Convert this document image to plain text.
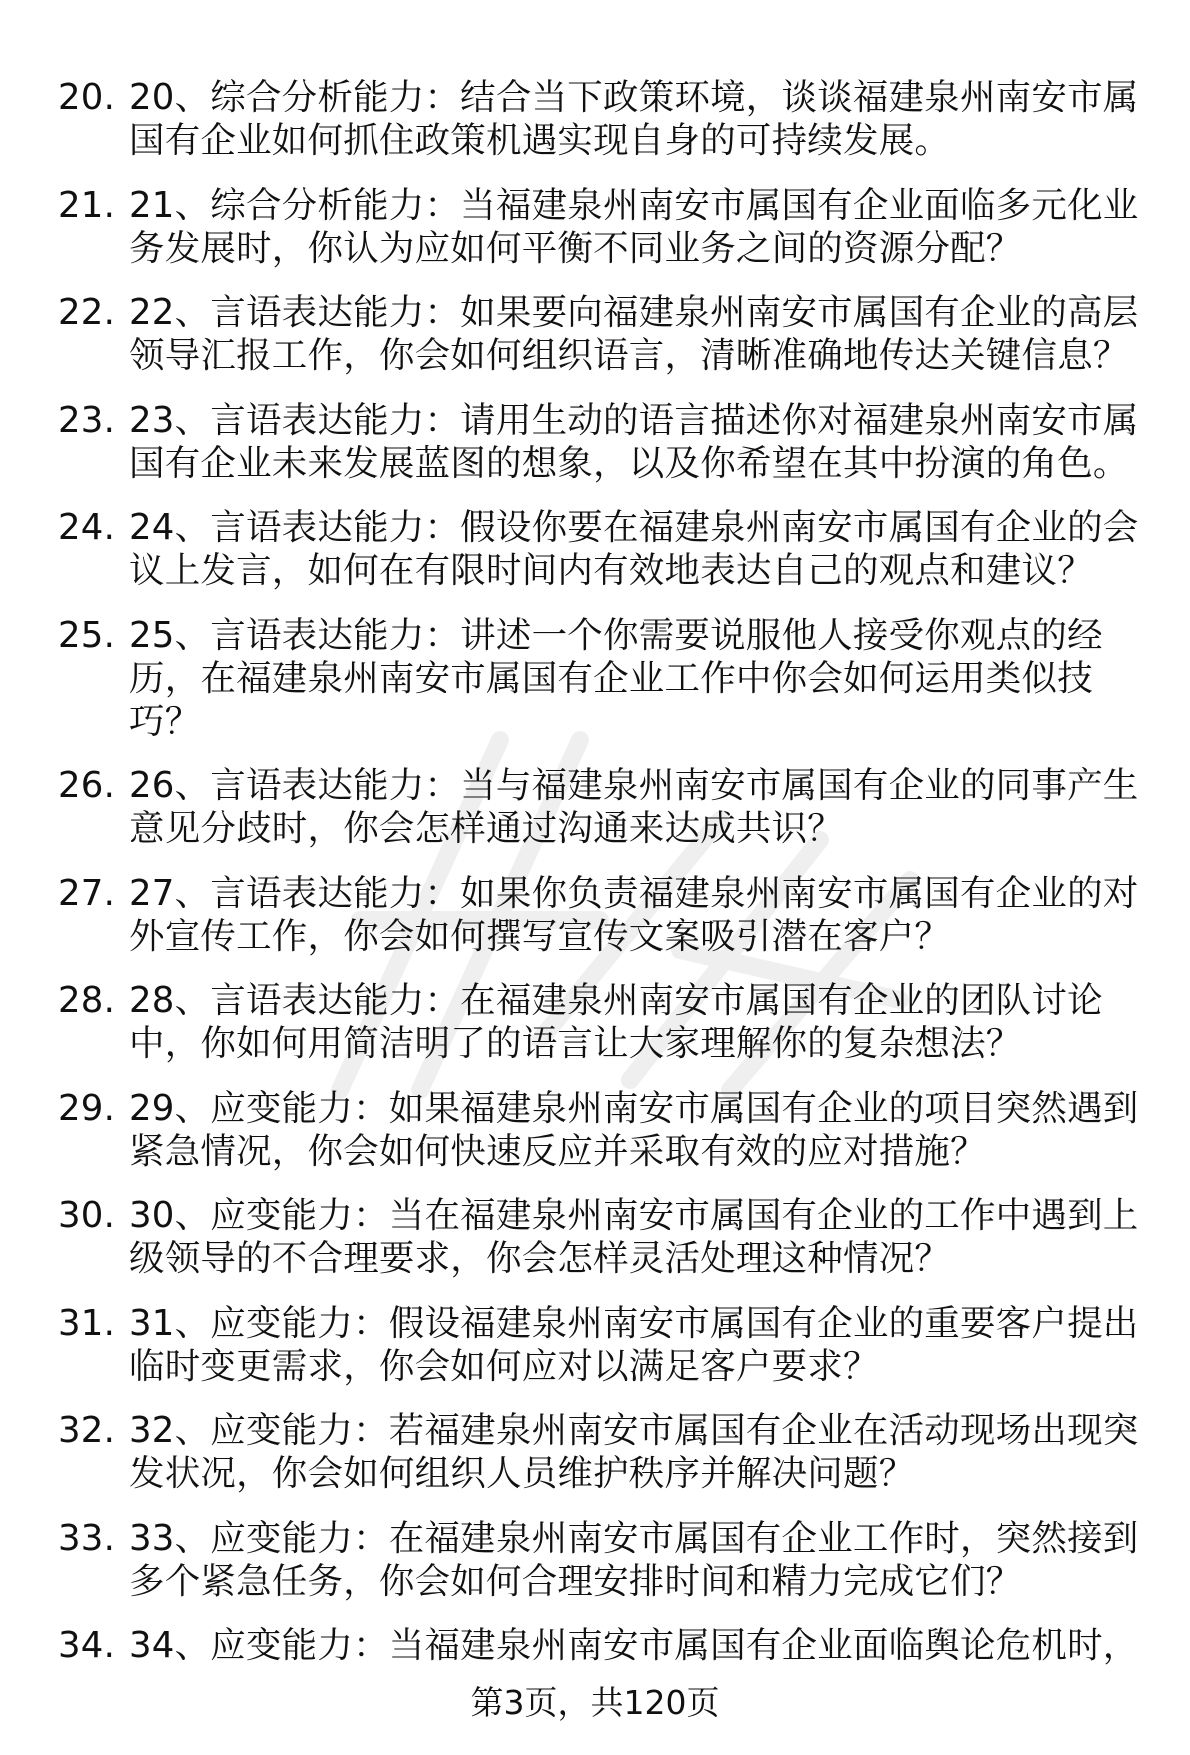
20. 20、综合分析能力：结合当下政策环境，谈谈福建泉州南安市属国有企业如何抓住政策机遇实现自身的可持续发展。
21. 21、综合分析能力：当福建泉州南安市属国有企业面临多元化业务发展时，你认为应如何平衡不同业务之间的资源分配？
22. 22、言语表达能力：如果要向福建泉州南安市属国有企业的高层领导汇报工作，你会如何组织语言，清晰准确地传达关键信息？
23. 23、言语表达能力：请用生动的语言描述你对福建泉州南安市属国有企业未来发展蓝图的想象，以及你希望在其中扮演的角色。
24. 24、言语表达能力：假设你要在福建泉州南安市属国有企业的会议上发言，如何在有限时间内有效地表达自己的观点和建议？
25. 25、言语表达能力：讲述一个你需要说服他人接受你观点的经历，在福建泉州南安市属国有企业工作中你会如何运用类似技巧？
26. 26、言语表达能力：当与福建泉州南安市属国有企业的同事产生意见分歧时，你会怎样通过沟通来达成共识？
27. 27、言语表达能力：如果你负责福建泉州南安市属国有企业的对外宣传工作，你会如何撰写宣传文案吸引潜在客户？
28. 28、言语表达能力：在福建泉州南安市属国有企业的团队讨论中，你如何用简洁明了的语言让大家理解你的复杂想法？
29. 29、应变能力：如果福建泉州南安市属国有企业的项目突然遇到紧急情况，你会如何快速反应并采取有效的应对措施？
30. 30、应变能力：当在福建泉州南安市属国有企业的工作中遇到上级领导的不合理要求，你会怎样灵活处理这种情况？
31. 31、应变能力：假设福建泉州南安市属国有企业的重要客户提出临时变更需求，你会如何应对以满足客户要求？
32. 32、应变能力：若福建泉州南安市属国有企业在活动现场出现突发状况，你会如何组织人员维护秩序并解决问题？
33. 33、应变能力：在福建泉州南安市属国有企业工作时，突然接到多个紧急任务，你会如何合理安排时间和精力完成它们？
34. 34、应变能力：当福建泉州南安市属国有企业面临舆论危机时，
第3页，共120页
